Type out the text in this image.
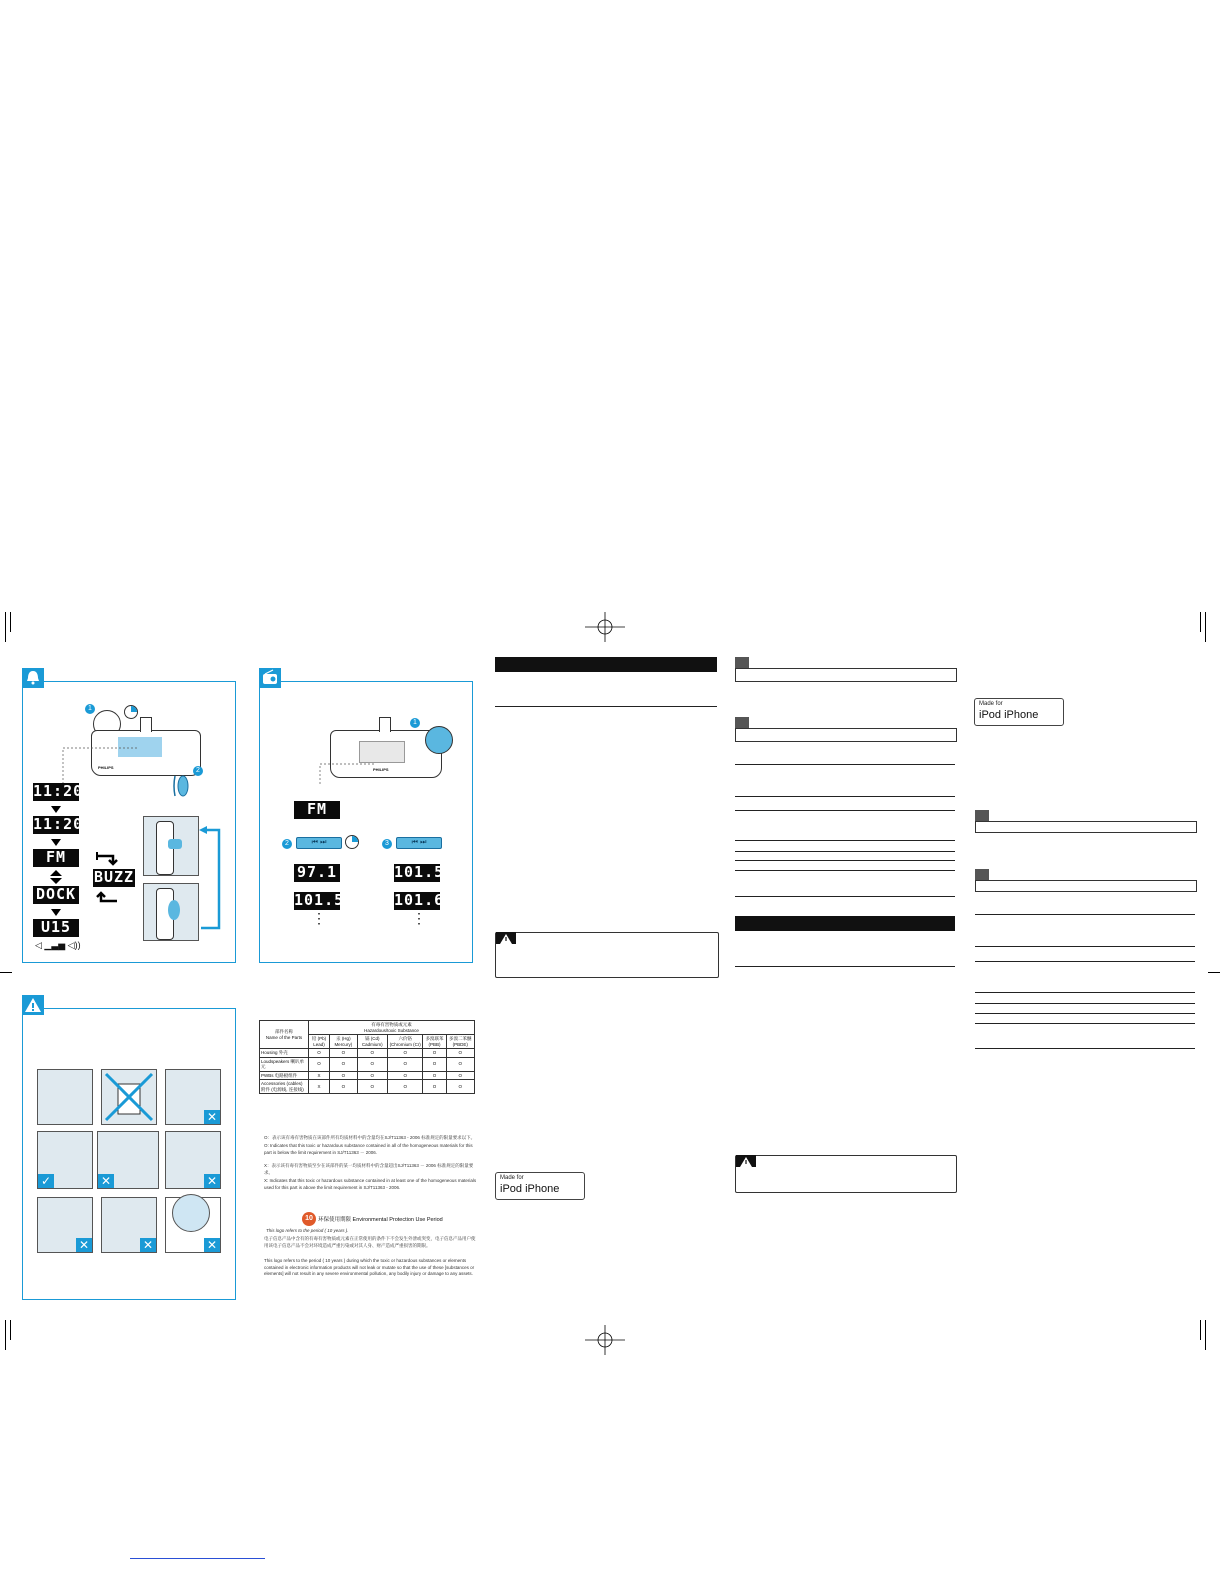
1
PHILIPS	2
11:20
11:20
FM
DOCK
U15
◁ ▁▃▅ ◁))
BUZZ
PHILIPS
1
FM
2	⏮ ⏭	3	⏮ ⏭
97.1
101.5
⋮
101.5
101.6
⋮
✕
✓	✕	✕
✕	✕	✕
部件名称
Name of the Parts	有毒有害物质或元素
Hazardous/toxic Substance					
	铅 (Pb) Lead)	汞 (Hg) Mercury)	镉 (Cd) Cadmium)	六价铬 (Chromium (Cr)	多溴联苯 (PBB)	多溴二苯醚 (PBDE)
Housing 外壳	O	O	O	O	O	O
Loudspeakers 喇叭单元	O	O	O	O	O	O
PWBs 电路板组件	X	O	O	O	O	O
Accessories (cables) 附件 (电源线, 连接线)	X	O	O	O	O	O
O：表示该有毒有害物质在该部件所有均质材料中的含量均在SJ/T11363 - 2006 标准规定的限量要求以下。
O: Indicates that this toxic or hazardous substance contained in all of the homogeneous materials for this part is below the limit requirement in SJ/T11363 － 2006.
X：表示该有毒有害物质至少在该部件的某一均质材料中的含量超出SJ/T11363 － 2006 标准规定的限量要求。
X: Indicates that this toxic or hazardous substance contained in at least one of the homogeneous materials used for this part is above the limit requirement in SJ/T11363 - 2006.
10 环保使用期限 Environmental Protection Use Period
This logo refers to the period ( 10 years ).
电子信息产品中含有的有毒有害物质或元素在正常使用的条件下不会发生外泄或突变，电子信息产品用户使用该电子信息产品不会对环境造成严重污染或对其人身、财产造成严重损害的期限。
This logo refers to the period ( 10 years ) during which the toxic or hazardous substances or elements contained in electronic information products will not leak or mutate so that the use of these [substances or elements] will not result in any severe environmental pollution, any bodily injury or damage to any assets.
Made for
iPod iPhone
Made for
iPod iPhone
